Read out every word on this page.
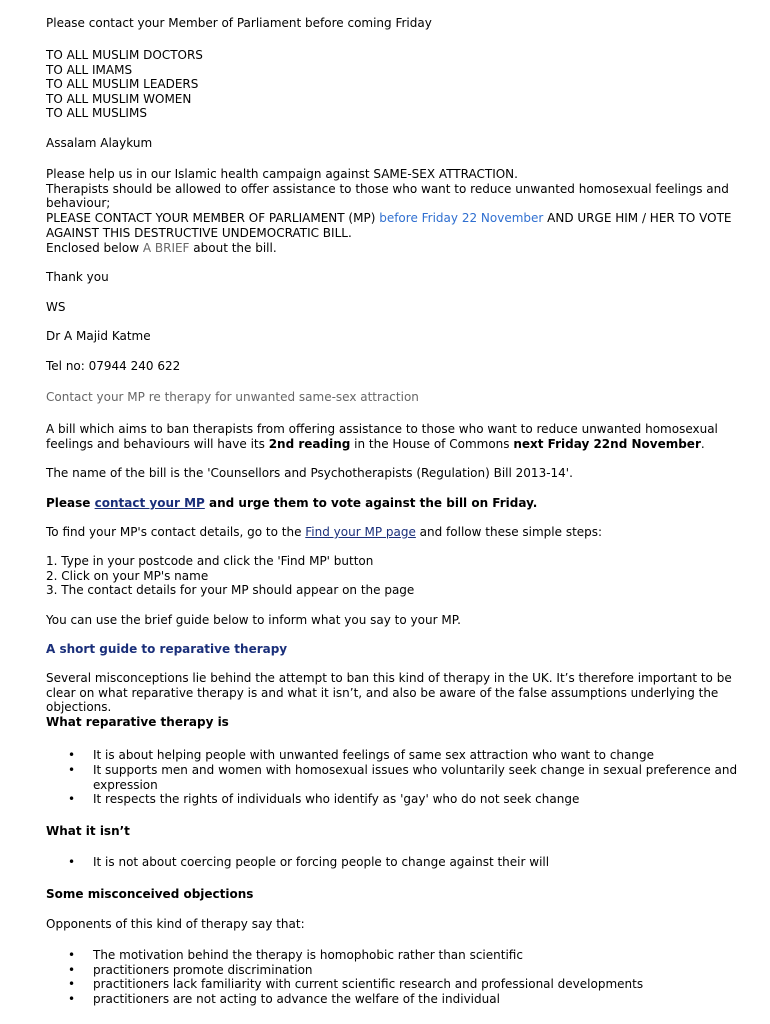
Please contact your Member of Parliament before coming Friday
TO ALL MUSLIM DOCTORS
TO ALL IMAMS
TO ALL MUSLIM LEADERS
TO ALL MUSLIM WOMEN
TO ALL MUSLIMS
Assalam Alaykum
Please help us in our Islamic health campaign against SAME-SEX ATTRACTION.
Therapists should be allowed to offer assistance to those who want to reduce unwanted homosexual feelings and behaviour;
PLEASE CONTACT YOUR MEMBER OF PARLIAMENT (MP) before Friday 22 November AND URGE HIM / HER TO VOTE AGAINST THIS DESTRUCTIVE UNDEMOCRATIC BILL.
Enclosed below A BRIEF about the bill.
Thank you
WS
Dr A Majid Katme
Tel no: 07944 240 622
Contact your MP re therapy for unwanted same-sex attraction
A bill which aims to ban therapists from offering assistance to those who want to reduce unwanted homosexual feelings and behaviours will have its 2nd reading in the House of Commons next Friday 22nd November.
The name of the bill is the 'Counsellors and Psychotherapists (Regulation) Bill 2013-14'.
Please contact your MP and urge them to vote against the bill on Friday.
To find your MP's contact details, go to the Find your MP page and follow these simple steps:
1. Type in your postcode and click the 'Find MP' button
2. Click on your MP's name
3. The contact details for your MP should appear on the page
You can use the brief guide below to inform what you say to your MP.
A short guide to reparative therapy
Several misconceptions lie behind the attempt to ban this kind of therapy in the UK. It’s therefore important to be clear on what reparative therapy is and what it isn’t, and also be aware of the false assumptions underlying the objections.
What reparative therapy is
• It is about helping people with unwanted feelings of same sex attraction who want to change
• It supports men and women with homosexual issues who voluntarily seek change in sexual preference and expression
• It respects the rights of individuals who identify as 'gay' who do not seek change
What it isn’t
• It is not about coercing people or forcing people to change against their will
Some misconceived objections
Opponents of this kind of therapy say that:
• The motivation behind the therapy is homophobic rather than scientific
• practitioners promote discrimination
• practitioners lack familiarity with current scientific research and professional developments
• practitioners are not acting to advance the welfare of the individual
